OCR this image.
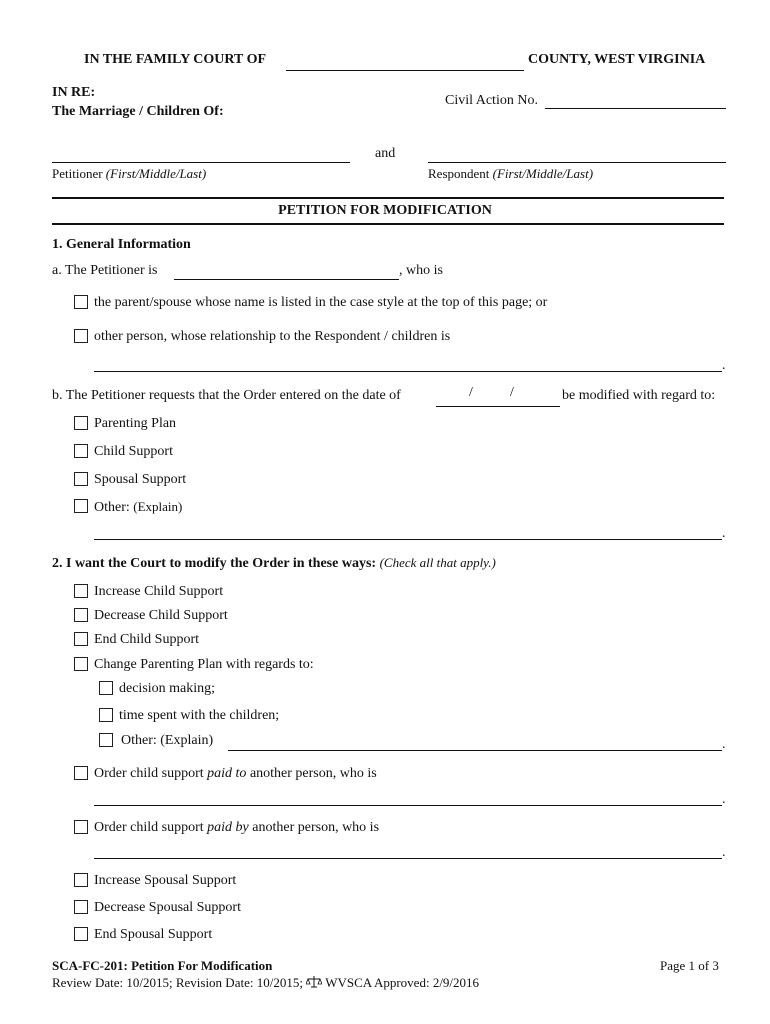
IN THE FAMILY COURT OF	COUNTY, WEST VIRGINIA
IN RE:
The Marriage / Children Of:
Civil Action No.
and
Petitioner (First/Middle/Last)	Respondent (First/Middle/Last)
PETITION FOR MODIFICATION
1. General Information
a. The Petitioner is	, who is
the parent/spouse whose name is listed in the case style at the top of this page; or
other person, whose relationship to the Respondent / children is
.
b. The Petitioner requests that the Order entered on the date of	/	/	be modified with regard to:
Parenting Plan
Child Support
Spousal Support
Other: (Explain)
.
2. I want the Court to modify the Order in these ways: (Check all that apply.)
Increase Child Support
Decrease Child Support
End Child Support
Change Parenting Plan with regards to:
decision making;
time spent with the children;
Other: (Explain)	.
Order child support paid to another person, who is
.
Order child support paid by another person, who is
.
Increase Spousal Support
Decrease Spousal Support
End Spousal Support
SCA-FC-201: Petition For Modification	Page 1 of 3
Review Date: 10/2015; Revision Date: 10/2015; WVSCA Approved: 2/9/2016
